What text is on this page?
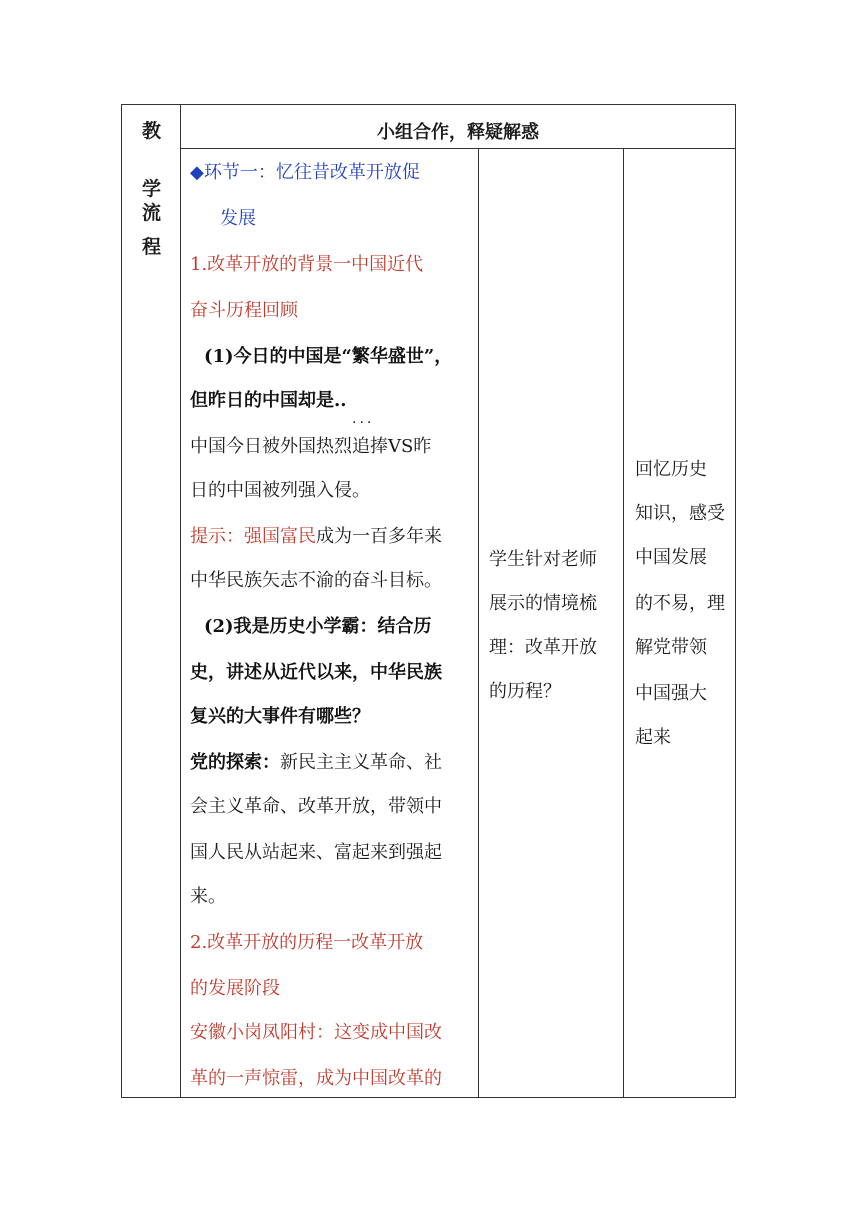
教
学
流
程
小组合作，释疑解惑
◆环节一：忆往昔改革开放促
发展
1.改革开放的背景一中国近代
奋斗历程回顾
(1)今日的中国是“繁华盛世”，
但昨日的中国却是..
...
中国今日被外国热烈追捧VS昨
日的中国被列强入侵。
提示：强国富民成为一百多年来
中华民族矢志不渝的奋斗目标。
(2)我是历史小学霸：结合历
史，讲述从近代以来，中华民族
复兴的大事件有哪些？
党的探索：新民主主义革命、社
会主义革命、改革开放，带领中
国人民从站起来、富起来到强起
来。
2.改革开放的历程一改革开放
的发展阶段
安徽小岗凤阳村：这变成中国改
革的一声惊雷，成为中国改革的
学生针对老师
展示的情境梳
理：改革开放
的历程？
回忆历史
知识，感受
中国发展
的不易，理
解党带领
中国强大
起来
